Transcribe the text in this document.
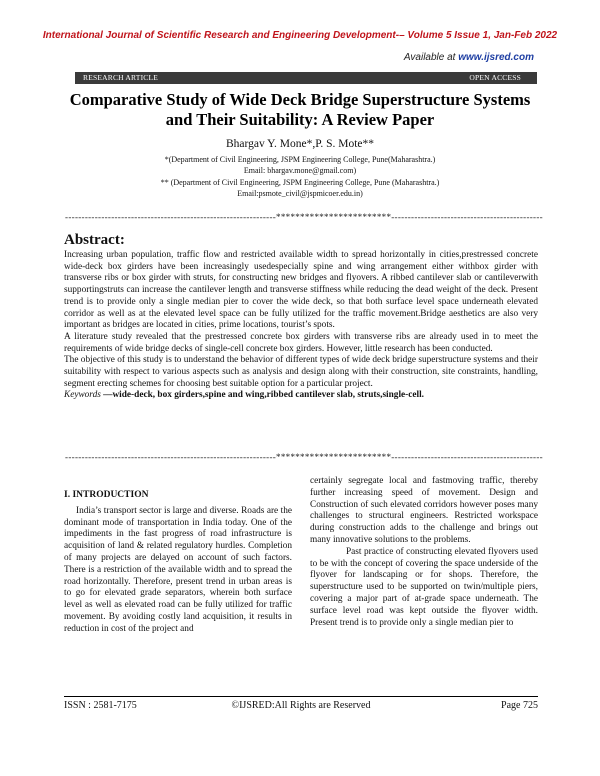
International Journal of Scientific Research and Engineering Development-– Volume 5 Issue 1, Jan-Feb 2022
Available at www.ijsred.com
RESEARCH ARTICLE	OPEN ACCESS
Comparative Study of Wide Deck Bridge Superstructure Systems
and Their Suitability: A Review Paper
Bhargav Y. Mone*,P. S. Mote**
*(Department of Civil Engineering, JSPM Engineering College, Pune(Maharashtra.)
Email: bhargav.mone@gmail.com)
** (Department of Civil Engineering, JSPM Engineering College, Pune (Maharashtra.)
Email:psmote_civil@jspmicoer.edu.in)
----------------------------------------------------------------************************----------------------------------------------
Abstract:

Increasing urban population, traffic flow and restricted available width to spread horizontally in cities,prestressed concrete wide-deck box girders have been increasingly usedespecially spine and wing arrangement either withbox girder with transverse ribs or box girder with struts, for constructing new bridges and flyovers. A ribbed cantilever slab or cantileverwith supportingstruts can increase the cantilever length and transverse stiffness while reducing the dead weight of the deck. Present trend is to provide only a single median pier to cover the wide deck, so that both surface level space underneath elevated corridor as well as at the elevated level space can be fully utilized for the traffic movement.Bridge aesthetics are also very important as bridges are located in cities, prime locations, tourist’s spots.

A literature study revealed that the prestressed concrete box girders with transverse ribs are already used in to meet the requirements of wide bridge decks of single-cell concrete box girders. However, little research has been conducted.

The objective of this study is to understand the behavior of different types of wide deck bridge superstructure systems and their suitability with respect to various aspects such as analysis and design along with their construction, site constraints, handling, segment erecting schemes for choosing best suitable option for a particular project.

Keywords —wide-deck, box girders,spine and wing,ribbed cantilever slab, struts,single-cell.

----------------------------------------------------------------************************----------------------------------------------

I. INTRODUCTION

India’s transport sector is large and diverse. Roads are the dominant mode of transportation in India today. One of the impediments in the fast progress of road infrastructure is acquisition of land & related regulatory hurdles. Completion of many projects are delayed on account of such factors. There is a restriction of the available width and to spread the road horizontally. Therefore, present trend in urban areas is to go for elevated grade separators, wherein both surface level as well as elevated road can be fully utilized for traffic movement. By avoiding costly land acquisition, it results in reduction in cost of the project and

certainly segregate local and fastmoving traffic, thereby further increasing speed of movement. Design and Construction of such elevated corridors however poses many challenges to structural engineers. Restricted workspace during construction adds to the challenge and brings out many innovative solutions to the problems.

Past practice of constructing elevated flyovers used to be with the concept of covering the space underside of the flyover for landscaping or for shops. Therefore, the superstructure used to be supported on twin/multiple piers, covering a major part of at-grade space underneath. The surface level road was kept outside the flyover width. Present trend is to provide only a single median pier to

ISSN : 2581-7175	©IJSRED:All Rights are Reserved	Page 725
